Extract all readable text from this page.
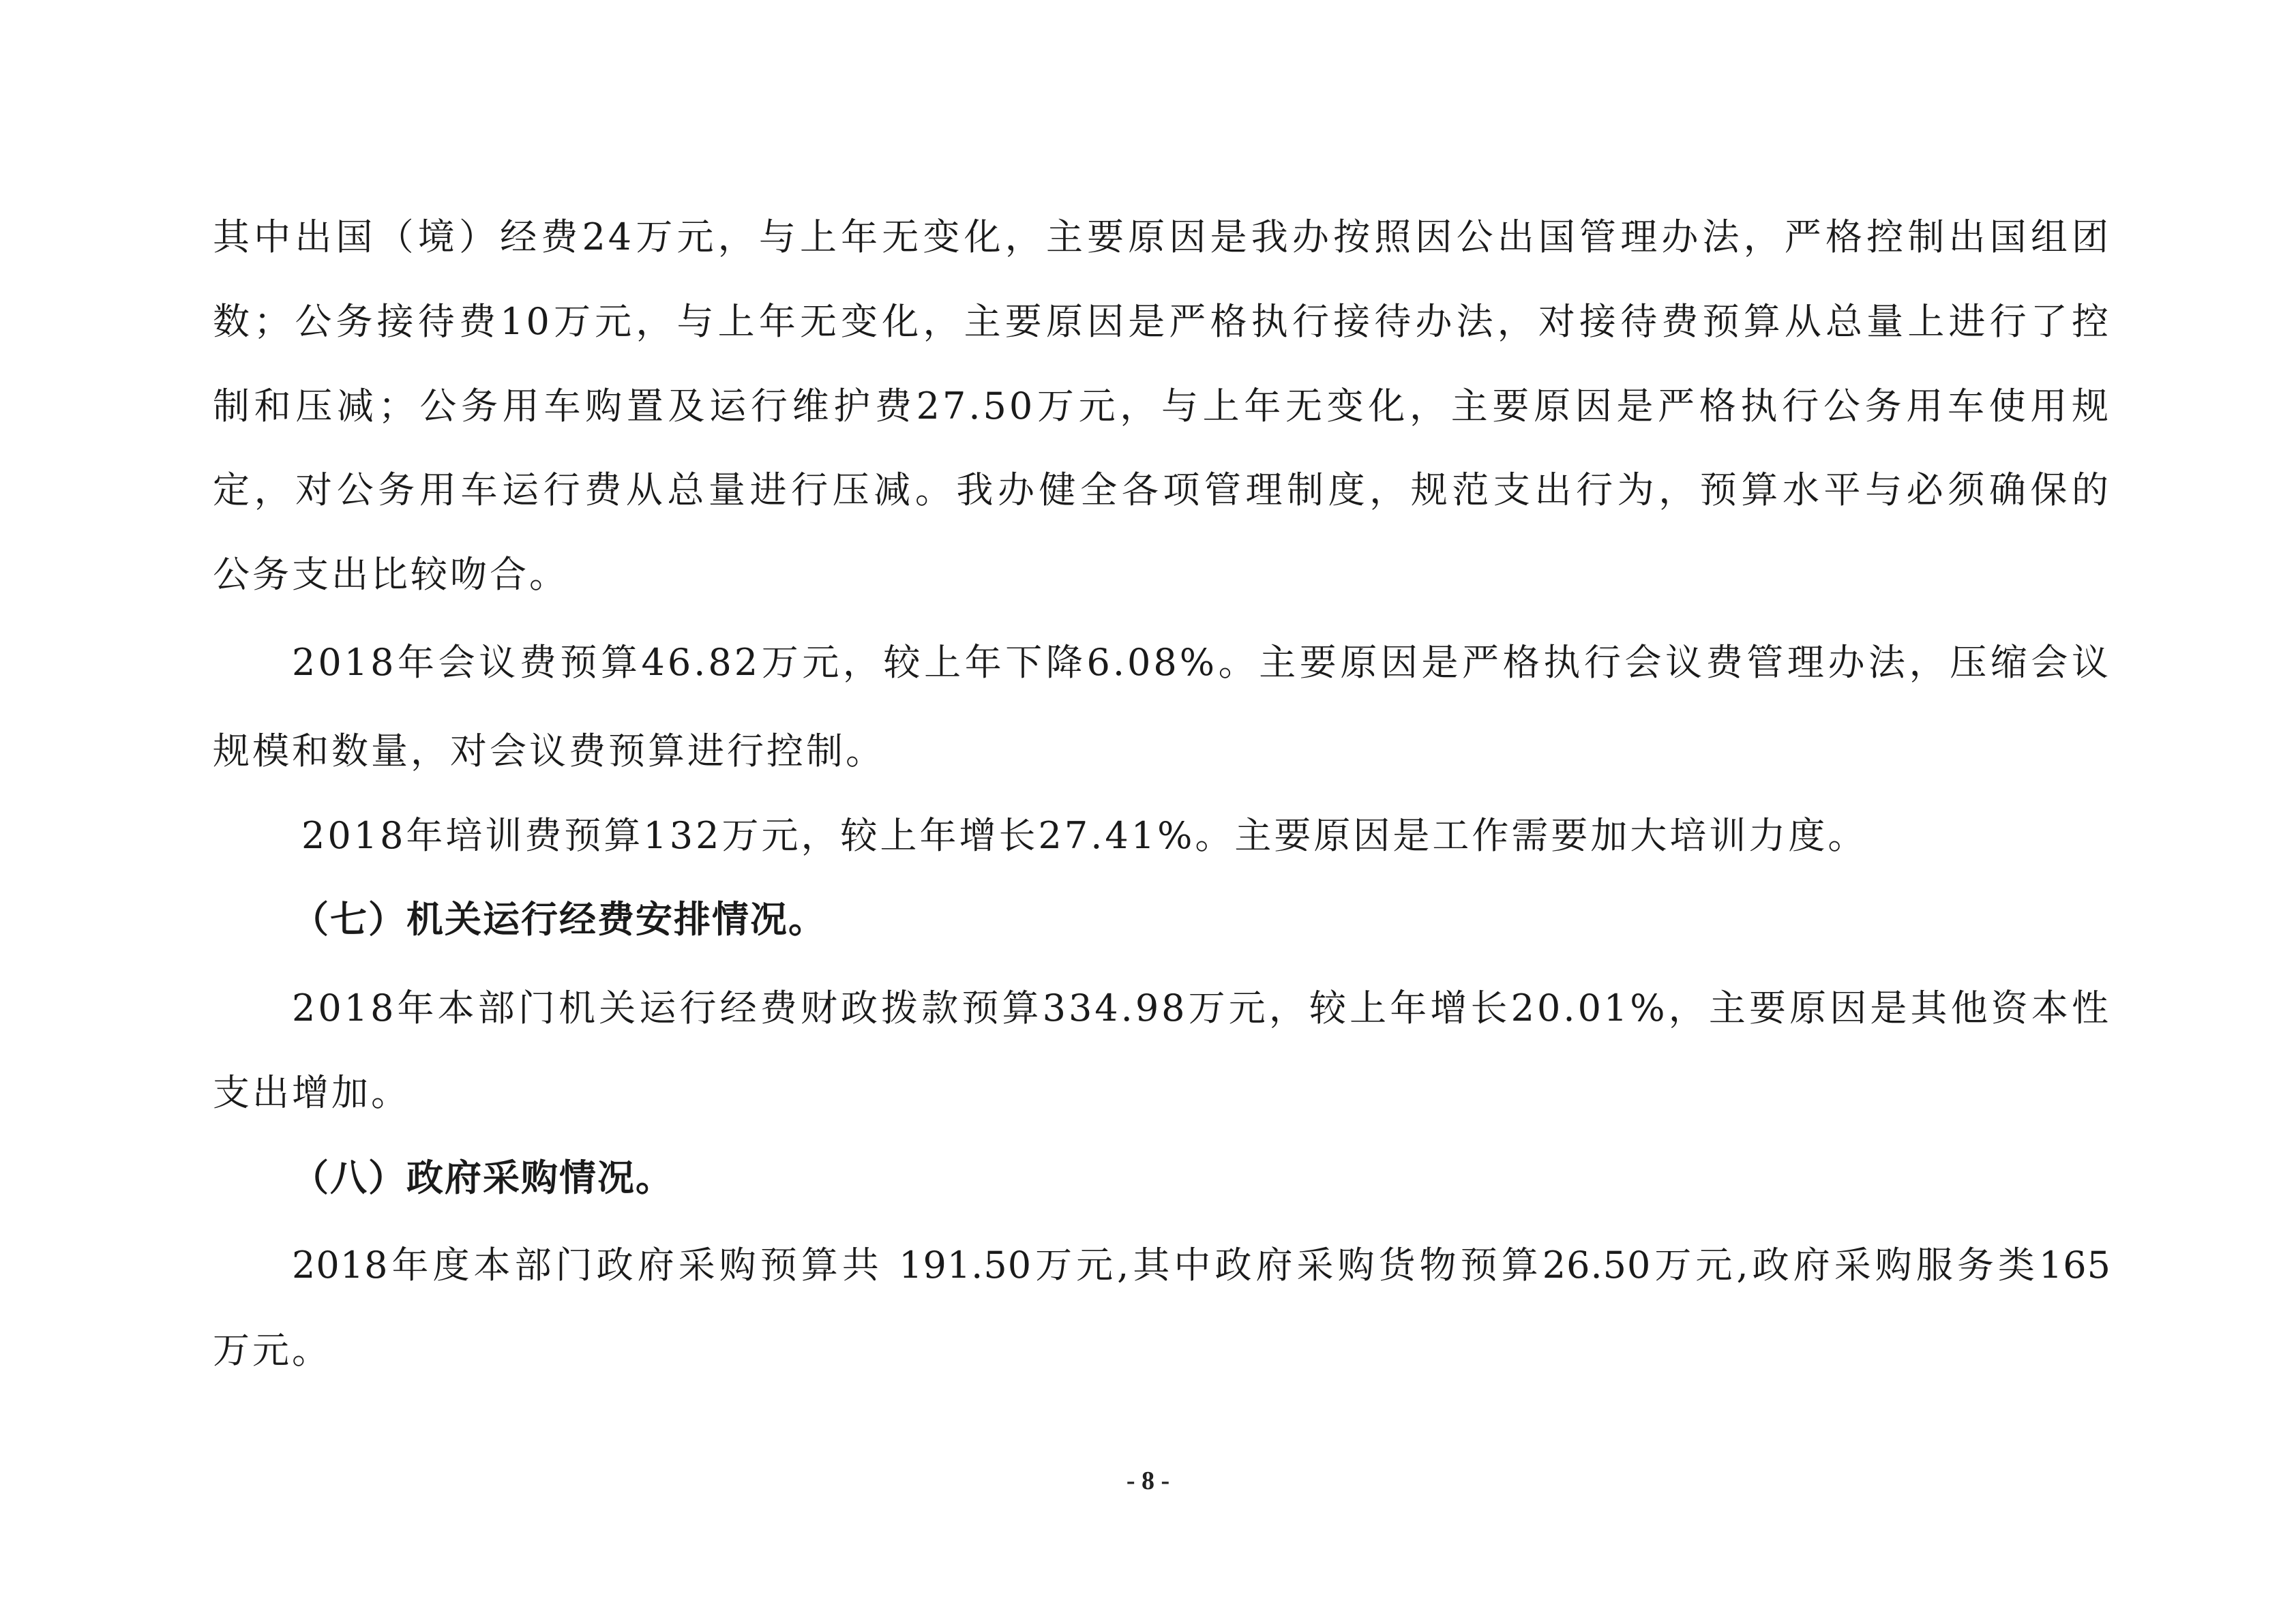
其中出国（境）经费24万元，与上年无变化，主要原因是我办按照因公出国管理办法，严格控制出国组团
数；公务接待费10万元，与上年无变化，主要原因是严格执行接待办法，对接待费预算从总量上进行了控
制和压减；公务用车购置及运行维护费27.50万元，与上年无变化，主要原因是严格执行公务用车使用规
定，对公务用车运行费从总量进行压减。我办健全各项管理制度，规范支出行为，预算水平与必须确保的
公务支出比较吻合。
2018年会议费预算46.82万元，较上年下降6.08%。主要原因是严格执行会议费管理办法，压缩会议
规模和数量，对会议费预算进行控制。
2018年培训费预算132万元，较上年增长27.41%。主要原因是工作需要加大培训力度。
（七）机关运行经费安排情况。
2018年本部门机关运行经费财政拨款预算334.98万元，较上年增长20.01%，主要原因是其他资本性
支出增加。
（八）政府采购情况。
2018年度本部门政府采购预算共 191.50万元,其中政府采购货物预算26.50万元,政府采购服务类165
万元。
- 8 -
